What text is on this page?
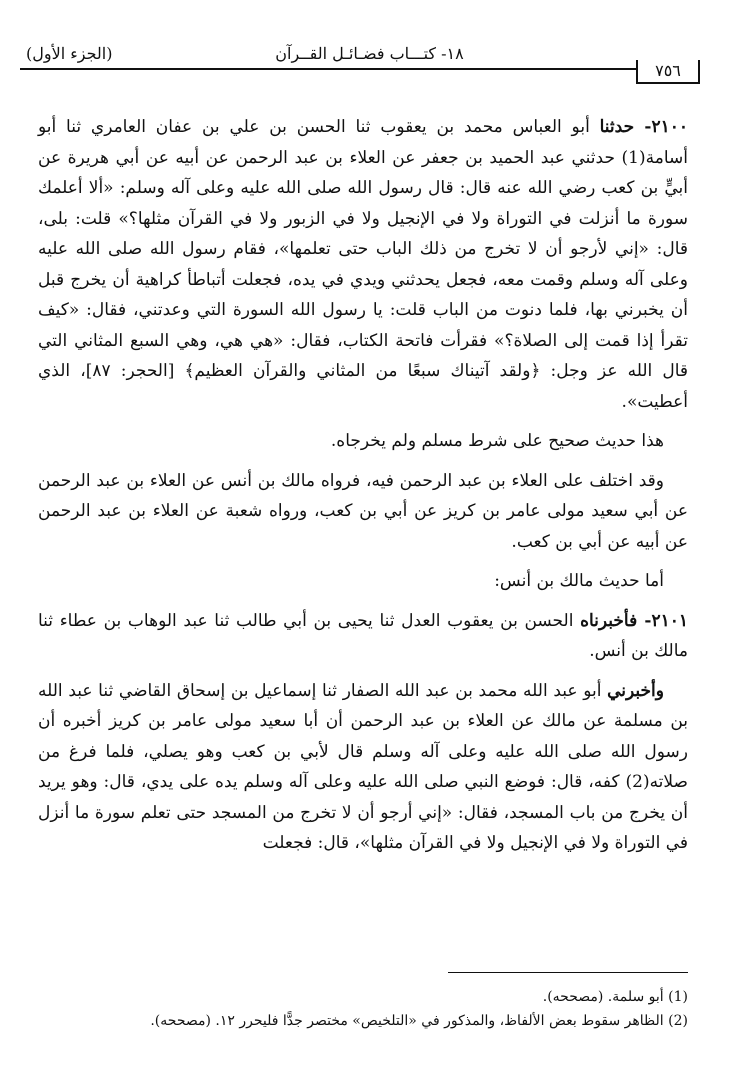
١٨- كتـــاب فضـائـل القــرآن
(الجزء الأول)
٧٥٦

٢١٠٠- حدثنا أبو العباس محمد بن يعقوب ثنا الحسن بن علي بن عفان العامري ثنا أبو أسامة(1) حدثني عبد الحميد بن جعفر عن العلاء بن عبد الرحمن عن أبيه عن أبي هريرة عن أبيٍّ بن كعب رضي الله عنه قال: قال رسول الله صلى الله عليه وعلى آله وسلم: «ألا أعلمك سورة ما أنزلت في التوراة ولا في الإنجيل ولا في الزبور ولا في القرآن مثلها؟» قلت: بلى، قال: «إني لأرجو أن لا تخرج من ذلك الباب حتى تعلمها»، فقام رسول الله صلى الله عليه وعلى آله وسلم وقمت معه، فجعل يحدثني ويدي في يده، فجعلت أتباطأ كراهية أن يخرج قبل أن يخبرني بها، فلما دنوت من الباب قلت: يا رسول الله السورة التي وعدتني، فقال: «كيف تقرأ إذا قمت إلى الصلاة؟» فقرأت فاتحة الكتاب، فقال: «هي هي، وهي السبع المثاني التي قال الله عز وجل: ﴿ولقد آتيناك سبعًا من المثاني والقرآن العظيم﴾ [الحجر: ٨٧]، الذي أعطيت».

هذا حديث صحيح على شرط مسلم ولم يخرجاه.

وقد اختلف على العلاء بن عبد الرحمن فيه، فرواه مالك بن أنس عن العلاء بن عبد الرحمن عن أبي سعيد مولى عامر بن كريز عن أبي بن كعب، ورواه شعبة عن العلاء بن عبد الرحمن عن أبيه عن أبي بن كعب.

أما حديث مالك بن أنس:

٢١٠١- فأخبرناه الحسن بن يعقوب العدل ثنا يحيى بن أبي طالب ثنا عبد الوهاب بن عطاء ثنا مالك بن أنس.

وأخبرني أبو عبد الله محمد بن عبد الله الصفار ثنا إسماعيل بن إسحاق القاضي ثنا عبد الله بن مسلمة عن مالك عن العلاء بن عبد الرحمن أن أبا سعيد مولى عامر بن كريز أخبره أن رسول الله صلى الله عليه وعلى آله وسلم قال لأبي بن كعب وهو يصلي، فلما فرغ من صلاته(2) كفه، قال: فوضع النبي صلى الله عليه وعلى آله وسلم يده على يدي، قال: وهو يريد أن يخرج من باب المسجد، فقال: «إني أرجو أن لا تخرج من المسجد حتى تعلم سورة ما أنزل في التوراة ولا في الإنجيل ولا في القرآن مثلها»، قال: فجعلت

(1) أبو سلمة. (مصححه).
(2) الظاهر سقوط بعض الألفاظ، والمذكور في «التلخيص» مختصر جدًّا فليحرر ١٢. (مصححه).
